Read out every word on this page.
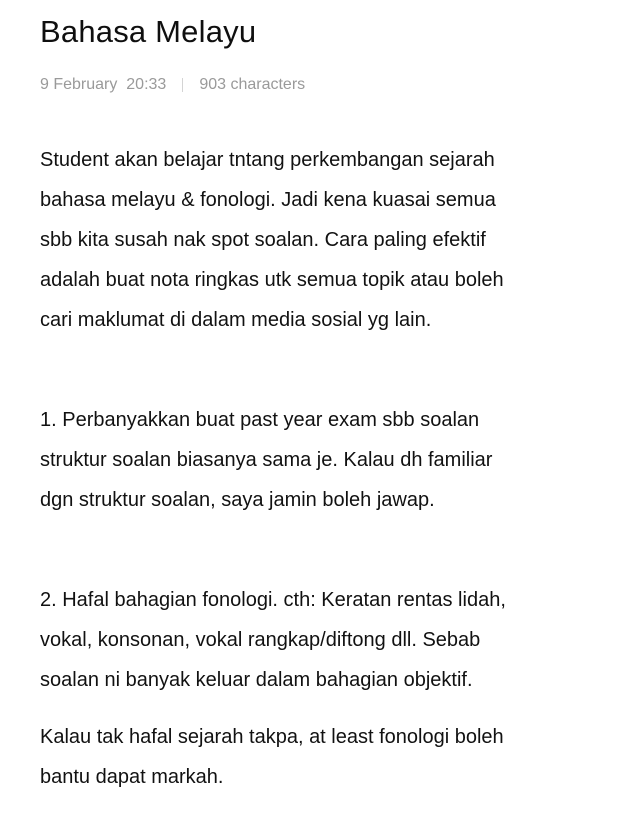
Bahasa Melayu
9 February
20:33 903 characters

Student akan belajar tntang perkembangan sejarah
bahasa melayu & fonologi. Jadi kena kuasai semua
sbb kita susah nak spot soalan. Cara paling efektif
adalah buat nota ringkas utk semua topik atau boleh
cari maklumat di dalam media sosial yg lain.

1. Perbanyakkan buat past year exam sbb soalan
struktur soalan biasanya sama je. Kalau dh familiar
dgn struktur soalan, saya jamin boleh jawap.

2. Hafal bahagian fonologi. cth: Keratan rentas lidah,
vokal, konsonan, vokal rangkap/diftong dll. Sebab
soalan ni banyak keluar dalam bahagian objektif.

Kalau tak hafal sejarah takpa, at least fonologi boleh
bantu dapat markah.
